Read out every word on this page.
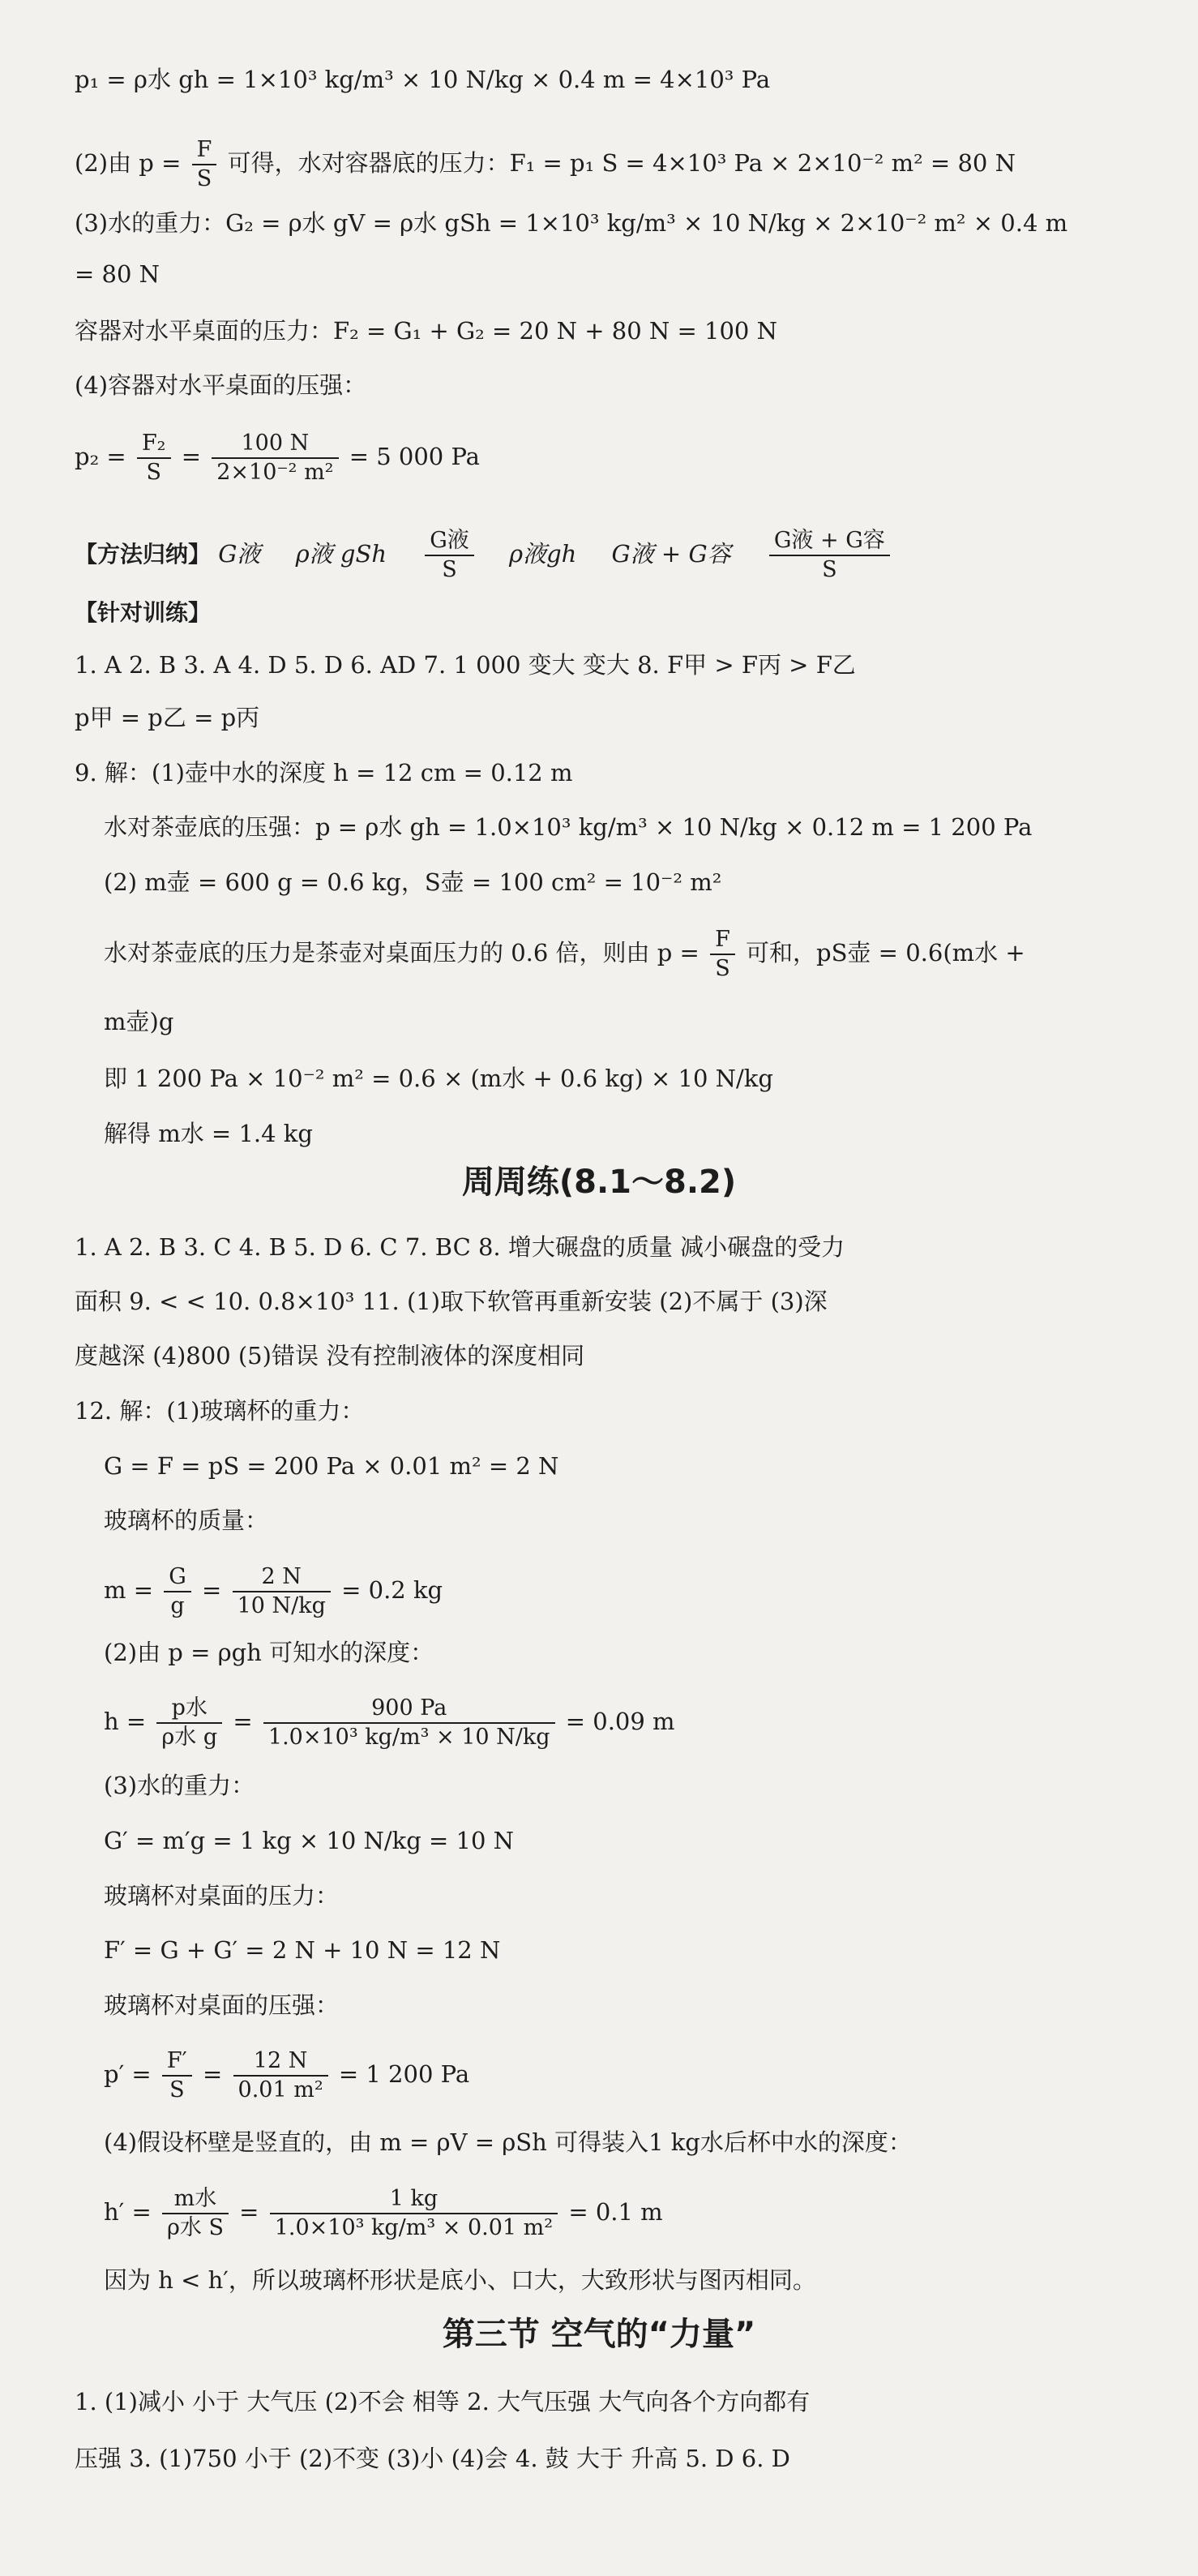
p₁ = ρ水 gh = 1×10³ kg/m³ × 10 N/kg × 0.4 m = 4×10³ Pa
(2)由 $p = \frac{F}{S}$ 可得，水对容器底的压力：F₁ = p₁ S = 4×10³ Pa × 2×10⁻² m² = 80 N
(3)水的重力：G₂ = ρ水 gV = ρ水 gSh = 1×10³ kg/m³ × 10 N/kg × 2×10⁻² m² × 0.4 m
= 80 N
容器对水平桌面的压力：F₂ = G₁ + G₂ = 20 N + 80 N = 100 N
(4)容器对水平桌面的压强：
$p_2 = \frac{\text{F₂}}{S} = \frac{100 N}{\text{2×10⁻² m²}} = 5$ 000 Pa
【方法归纳】 G液 ρ液 gSh $\frac{\text{G液}}{S}$ ρ液gh G液 + G容 $\frac{\text{G液 + G容}}{S}$
【针对训练】
1. A 2. B 3. A 4. D 5. D 6. AD 7. 1 000 变大 变大 8. F甲 > F丙 > F乙
p甲 = p乙 = p丙
9. 解：(1)壶中水的深度 h = 12 cm = 0.12 m
水对茶壶底的压强：p = ρ水 gh = 1.0×10³ kg/m³ × 10 N/kg × 0.12 m = 1 200 Pa
(2) m壶 = 600 g = 0.6 kg，S壶 = 100 cm² = 10⁻² m²
水对茶壶底的压力是茶壶对桌面压力的 0.6 倍，则由 $p = \frac{F}{S}$ 可和，pS壶 = 0.6(m水 +
m壶)g
即 1 200 Pa × 10⁻² m² = 0.6 × (m水 + 0.6 kg) × 10 N/kg
解得 m水 = 1.4 kg
周周练(8.1～8.2)
1. A 2. B 3. C 4. B 5. D 6. C 7. BC 8. 增大碾盘的质量 减小碾盘的受力
面积 9. < < 10. 0.8×10³ 11. (1)取下软管再重新安装 (2)不属于 (3)深
度越深 (4)800 (5)错误 没有控制液体的深度相同
12. 解：(1)玻璃杯的重力：
G = F = pS = 200 Pa × 0.01 m² = 2 N
玻璃杯的质量：
$m = \frac{G}{g} = \frac{2 N}{10 N/kg} = 0.2$ kg
(2)由 p = ρgh 可知水的深度：
$h = \frac{\text{p水}}{\text{ρ水 g}} = \frac{900 Pa}{\text{1.0×10³ kg/m³ × 10 N/kg}} = 0.09$ m
(3)水的重力：
G′ = m′g = 1 kg × 10 N/kg = 10 N
玻璃杯对桌面的压力：
F′ = G + G′ = 2 N + 10 N = 12 N
玻璃杯对桌面的压强：
$p' = \frac{F'}{S} = \frac{12 N}{\text{0.01 m²}} = 1$ 200 Pa
(4)假设杯壁是竖直的，由 m = ρV = ρSh 可得装入1 kg水后杯中水的深度：
$h' = \frac{\text{m水}}{\text{ρ水 S}} = \frac{1 kg}{\text{1.0×10³ kg/m³ × 0.01 m²}} = 0.1$ m
因为 h < h′，所以玻璃杯形状是底小、口大，大致形状与图丙相同。
第三节 空气的“力量”
1. (1)减小 小于 大气压 (2)不会 相等 2. 大气压强 大气向各个方向都有
压强 3. (1)750 小于 (2)不变 (3)小 (4)会 4. 鼓 大于 升高 5. D 6. D
